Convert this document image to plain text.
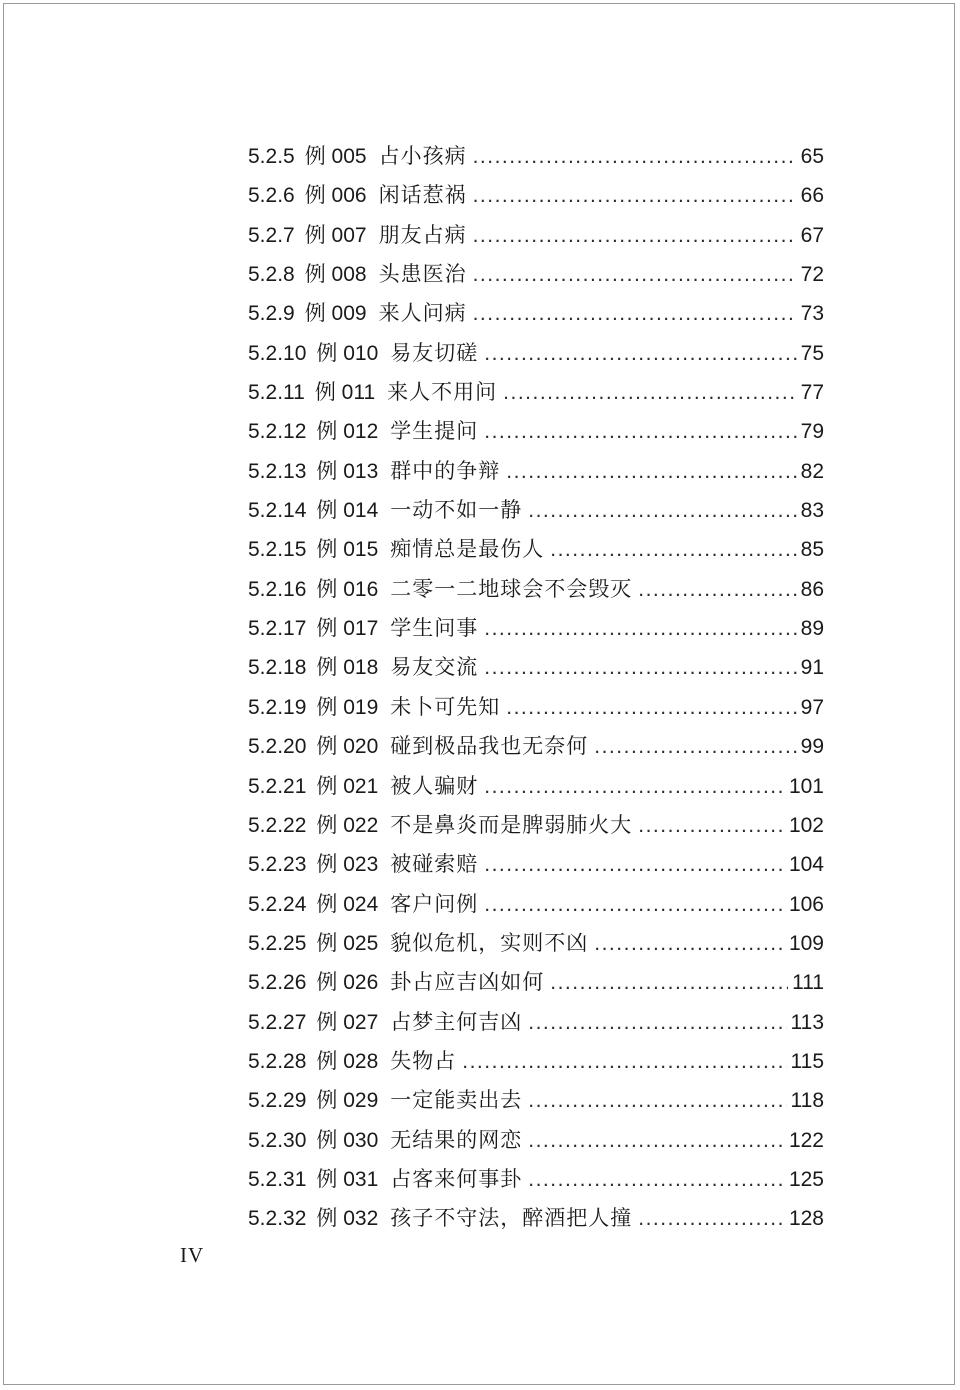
5.2.5 例 005 占小孩病 .....	65
5.2.6 例 006 闲话惹祸 .....	66
5.2.7 例 007 朋友占病 .....	67
5.2.8 例 008 头患医治 .....	72
5.2.9 例 009 来人问病 .....	73
5.2.10 例 010 易友切磋 .....	75
5.2.11 例 011 来人不用问 .....	77
5.2.12 例 012 学生提问 .....	79
5.2.13 例 013 群中的争辩 .....	82
5.2.14 例 014 一动不如一静 .....	83
5.2.15 例 015 痴情总是最伤人 .....	85
5.2.16 例 016 二零一二地球会不会毁灭 .....	86
5.2.17 例 017 学生问事 .....	89
5.2.18 例 018 易友交流 .....	91
5.2.19 例 019 未卜可先知 .....	97
5.2.20 例 020 碰到极品我也无奈何 .....	99
5.2.21 例 021 被人骗财 .....	101
5.2.22 例 022 不是鼻炎而是脾弱肺火大 .....	102
5.2.23 例 023 被碰索赔 .....	104
5.2.24 例 024 客户问例 .....	106
5.2.25 例 025 貌似危机，实则不凶 .....	109
5.2.26 例 026 卦占应吉凶如何 .....	111
5.2.27 例 027 占梦主何吉凶 .....	113
5.2.28 例 028 失物占 .....	115
5.2.29 例 029 一定能卖出去 .....	118
5.2.30 例 030 无结果的网恋 .....	122
5.2.31 例 031 占客来何事卦 .....	125
5.2.32 例 032 孩子不守法，醉酒把人撞 .....	128
IV
